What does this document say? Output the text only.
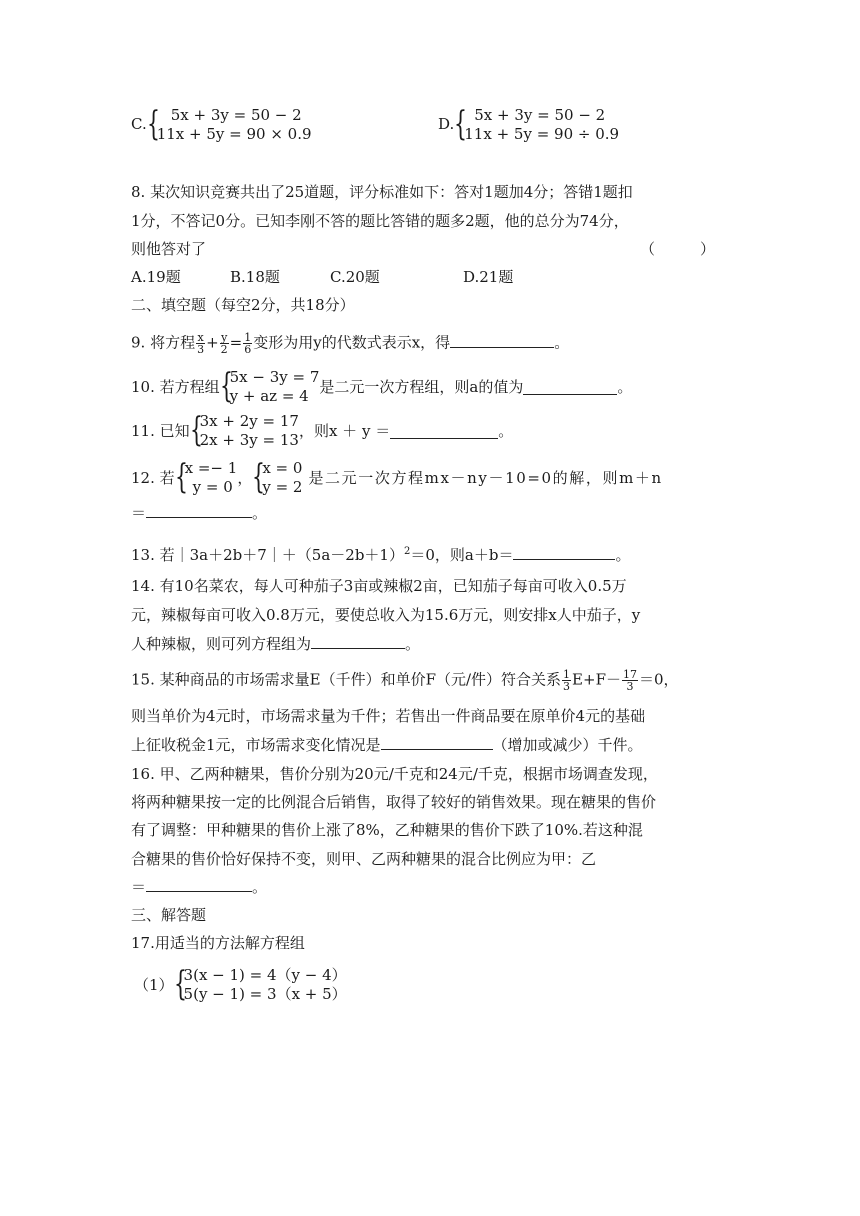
C. { 5x + 3y = 50 − 2
11x + 5y = 90 × 0.9
D. { 5x + 3y = 50 − 2
11x + 5y = 90 ÷ 0.9
8. 某次知识竞赛共出了25道题，评分标准如下：答对1题加4分；答错1题扣
1分，不答记0分。已知李刚不答的题比答错的题多2题，他的总分为74分，
则他答对了	（　　　）
A.19题	B.18题	C.20题	D.21题
二、填空题（每空2分，共18分）
9. 将方程 $\frac{x}{3} + \frac{y}{2} = \frac{1}{6}$ 变形为用y的代数式表示x，得	。
10. 若方程组 {
5x − 3y = 7
y + az = 4 是二元一次方程组，则a的值为	。
11. 已知 {
3x + 2y = 17
2x + 3y = 13 ，则x ＋ y ＝	。
12. 若 {
x =− 1
y = 0 ， {
x = 0
y = 2 是二元一次方程mx－ny－10=0的解，则m＋n
＝	。
13. 若$|3a+2b+7|+(5a-2b+1)^2=0$，则a＋b＝	。
14. 有10名菜农，每人可种茄子3亩或辣椒2亩，已知茄子每亩可收入0.5万
元，辣椒每亩可收入0.8万元，要使总收入为15.6万元，则安排x人中茄子，y
人种辣椒，则可列方程组为	。
15. 某种商品的市场需求量E（千件）和单价F（元/件）符合关系 $\frac{1}{3} E+F- \frac{17}{3} =0$，
则当单价为4元时，市场需求量为千件；若售出一件商品要在原单价4元的基础
上征收税金1元，市场需求变化情况是	（增加或减少）千件。
16. 甲、乙两种糖果，售价分别为20元/千克和24元/千克，根据市场调查发现，
将两种糖果按一定的比例混合后销售，取得了较好的销售效果。现在糖果的售价
有了调整：甲种糖果的售价上涨了8%，乙种糖果的售价下跌了10%.若这种混
合糖果的售价恰好保持不变，则甲、乙两种糖果的混合比例应为甲：乙
＝	。
三、解答题
17.用适当的方法解方程组
（1） {
3(x − 1) = 4（y − 4）
5(y − 1) = 3（x + 5）
